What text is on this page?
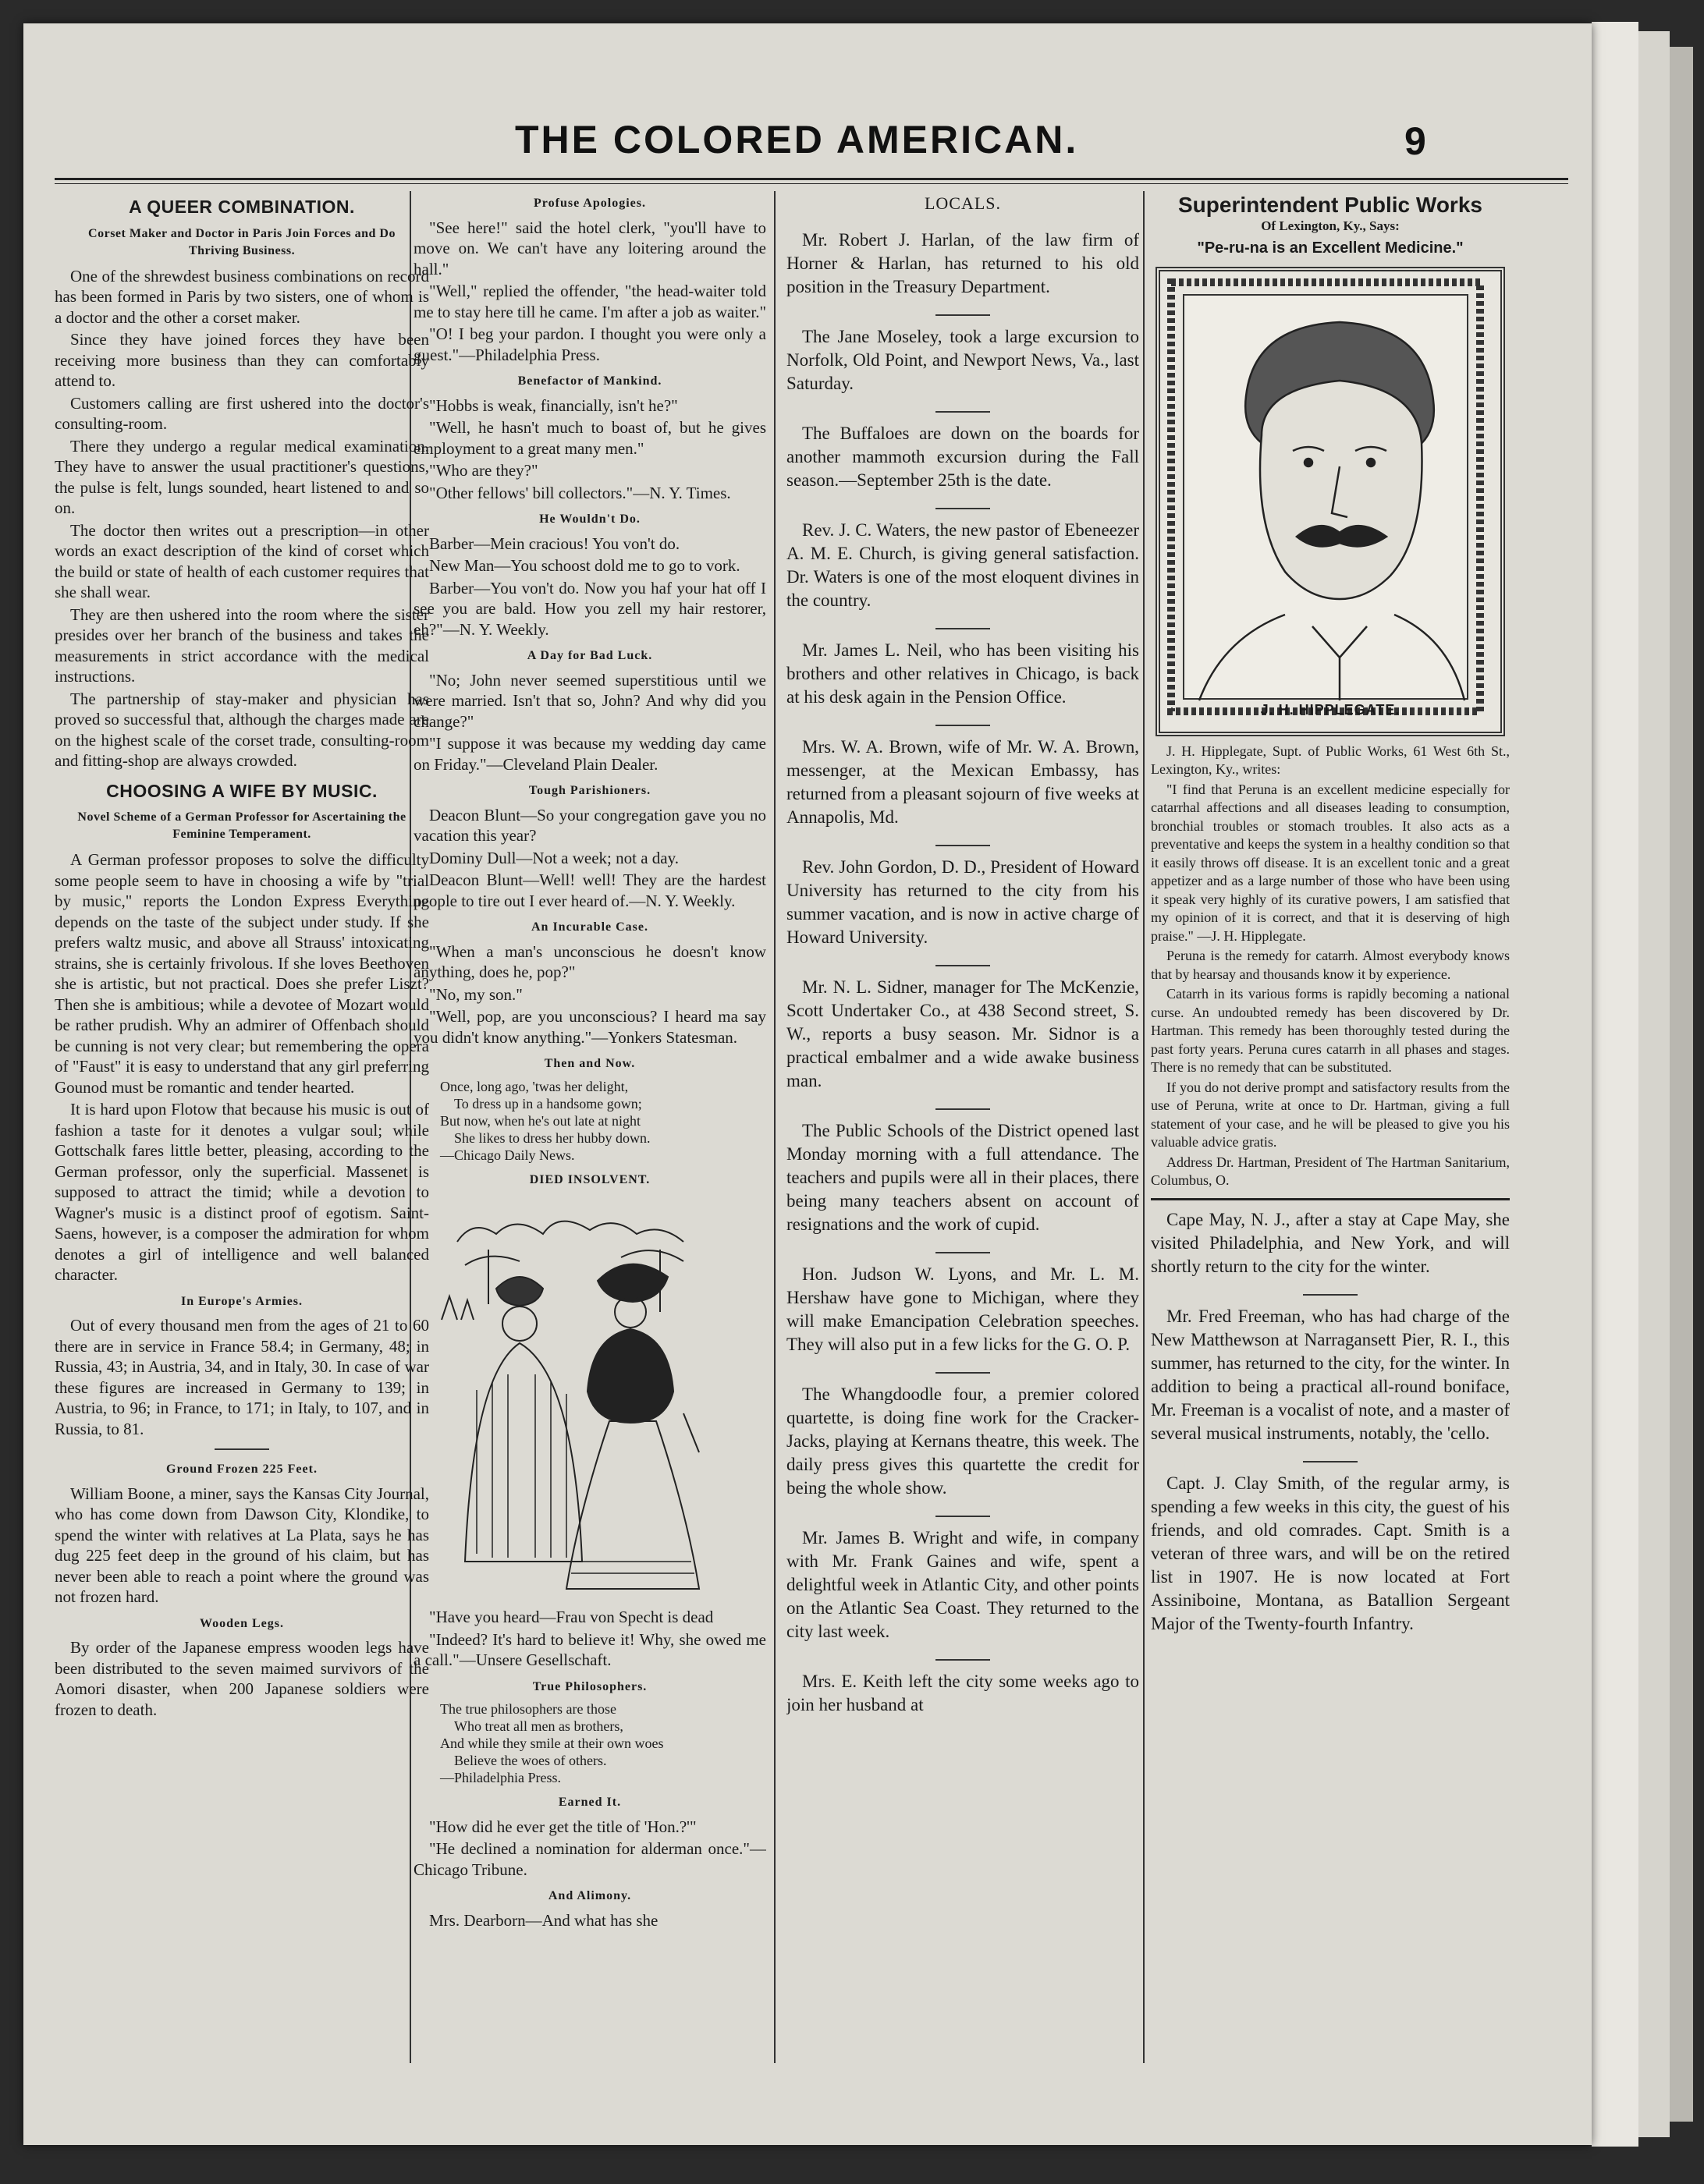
THE COLORED AMERICAN.	9
A QUEER COMBINATION.
Corset Maker and Doctor in Paris Join Forces and Do Thriving Business.

One of the shrewdest business combinations on record has been formed in Paris by two sisters, one of whom is a doctor and the other a corset maker.

Since they have joined forces they have been receiving more business than they can comfortably attend to.

Customers calling are first ushered into the doctor's consulting-room.

There they undergo a regular medical examination. They have to answer the usual practitioner's questions, the pulse is felt, lungs sounded, heart listened to and so on.

The doctor then writes out a prescription—in other words an exact description of the kind of corset which the build or state of health of each customer requires that she shall wear.

They are then ushered into the room where the sister presides over her branch of the business and takes the measurements in strict accordance with the medical instructions.

The partnership of stay-maker and physician has proved so successful that, although the charges made are on the highest scale of the corset trade, consulting-room and fitting-shop are always crowded.

CHOOSING A WIFE BY MUSIC.
Novel Scheme of a German Professor for Ascertaining the Feminine Temperament.

A German professor proposes to solve the difficulty some people seem to have in choosing a wife by "trial by music," reports the London Express Everything depends on the taste of the subject under study. If she prefers waltz music, and above all Strauss' intoxicating strains, she is certainly frivolous. If she loves Beethoven she is artistic, but not practical. Does she prefer Liszt? Then she is ambitious; while a devotee of Mozart would be rather prudish. Why an admirer of Offenbach should be cunning is not very clear; but remembering the opera of "Faust" it is easy to understand that any girl preferring Gounod must be romantic and tender hearted.

It is hard upon Flotow that because his music is out of fashion a taste for it denotes a vulgar soul; while Gottschalk fares little better, pleasing, according to the German professor, only the superficial. Massenet is supposed to attract the timid; while a devotion to Wagner's music is a distinct proof of egotism. Saint-Saens, however, is a composer the admiration for whom denotes a girl of intelligence and well balanced character.

In Europe's Armies.

Out of every thousand men from the ages of 21 to 60 there are in service in France 58.4; in Germany, 48; in Russia, 43; in Austria, 34, and in Italy, 30. In case of war these figures are increased in Germany to 139; in Austria, to 96; in France, to 171; in Italy, to 107, and in Russia, to 81.

Ground Frozen 225 Feet.

William Boone, a miner, says the Kansas City Journal, who has come down from Dawson City, Klondike, to spend the winter with relatives at La Plata, says he has dug 225 feet deep in the ground of his claim, but has never been able to reach a point where the ground was not frozen hard.

Wooden Legs.

By order of the Japanese empress wooden legs have been distributed to the seven maimed survivors of the Aomori disaster, when 200 Japanese soldiers were frozen to death.

Profuse Apologies.

"See here!" said the hotel clerk, "you'll have to move on. We can't have any loitering around the hall."

"Well," replied the offender, "the head-waiter told me to stay here till he came. I'm after a job as waiter."

"O! I beg your pardon. I thought you were only a guest."—Philadelphia Press.

Benefactor of Mankind.

"Hobbs is weak, financially, isn't he?"

"Well, he hasn't much to boast of, but he gives employment to a great many men."

"Who are they?"

"Other fellows' bill collectors."—N. Y. Times.

He Wouldn't Do.

Barber—Mein cracious! You von't do.

New Man—You schoost dold me to go to vork.

Barber—You von't do. Now you haf your hat off I see you are bald. How you zell my hair restorer, eh?"—N. Y. Weekly.

A Day for Bad Luck.

"No; John never seemed superstitious until we were married. Isn't that so, John? And why did you change?"

"I suppose it was because my wedding day came on Friday."—Cleveland Plain Dealer.

Tough Parishioners.

Deacon Blunt—So your congregation gave you no vacation this year?

Dominy Dull—Not a week; not a day.

Deacon Blunt—Well! well! They are the hardest people to tire out I ever heard of.—N. Y. Weekly.

An Incurable Case.

"When a man's unconscious he doesn't know anything, does he, pop?"

"No, my son."

"Well, pop, are you unconscious? I heard ma say you didn't know anything."—Yonkers Statesman.

Then and Now.
Once, long ago, 'twas her delight,
To dress up in a handsome gown;
But now, when he's out late at night
She likes to dress her hubby down.
—Chicago Daily News.
DIED INSOLVENT.

"Have you heard—Frau von Specht is dead

"Indeed? It's hard to believe it! Why, she owed me a call."—Unsere Gesellschaft.

True Philosophers.
The true philosophers are those
Who treat all men as brothers,
And while they smile at their own woes
Believe the woes of others.
—Philadelphia Press.
Earned It.

"How did he ever get the title of 'Hon.?'"

"He declined a nomination for alderman once."—Chicago Tribune.

And Alimony.

Mrs. Dearborn—And what has she

LOCALS.

Mr. Robert J. Harlan, of the law firm of Horner & Harlan, has returned to his old position in the Treasury Department.

The Jane Moseley, took a large excursion to Norfolk, Old Point, and Newport News, Va., last Saturday.

The Buffaloes are down on the boards for another mammoth excursion during the Fall season.—September 25th is the date.

Rev. J. C. Waters, the new pastor of Ebeneezer A. M. E. Church, is giving general satisfaction. Dr. Waters is one of the most eloquent divines in the country.

Mr. James L. Neil, who has been visiting his brothers and other relatives in Chicago, is back at his desk again in the Pension Office.

Mrs. W. A. Brown, wife of Mr. W. A. Brown, messenger, at the Mexican Embassy, has returned from a pleasant sojourn of five weeks at Annapolis, Md.

Rev. John Gordon, D. D., President of Howard University has returned to the city from his summer vacation, and is now in active charge of Howard University.

Mr. N. L. Sidner, manager for The McKenzie, Scott Undertaker Co., at 438 Second street, S. W., reports a busy season. Mr. Sidnor is a practical embalmer and a wide awake business man.

The Public Schools of the District opened last Monday morning with a full attendance. The teachers and pupils were all in their places, there being many teachers absent on account of resignations and the work of cupid.

Hon. Judson W. Lyons, and Mr. L. M. Hershaw have gone to Michigan, where they will make Emancipation Celebration speeches. They will also put in a few licks for the G. O. P.

The Whangdoodle four, a premier colored quartette, is doing fine work for the Cracker-Jacks, playing at Kernans theatre, this week. The daily press gives this quartette the credit for being the whole show.

Mr. James B. Wright and wife, in company with Mr. Frank Gaines and wife, spent a delightful week in Atlantic City, and other points on the Atlantic Sea Coast. They returned to the city last week.

Mrs. E. Keith left the city some weeks ago to join her husband at

Superintendent Public Works
Of Lexington, Ky., Says:
"Pe-ru-na is an Excellent Medicine."
J. H. HIPPLEGATE.

J. H. Hipplegate, Supt. of Public Works, 61 West 6th St., Lexington, Ky., writes:

"I find that Peruna is an excellent medicine especially for catarrhal affections and all diseases leading to consumption, bronchial troubles or stomach troubles. It also acts as a preventative and keeps the system in a healthy condition so that it easily throws off disease. It is an excellent tonic and a great appetizer and as a large number of those who have been using it speak very highly of its curative powers, I am satisfied that my opinion of it is correct, and that it is deserving of high praise." —J. H. Hipplegate.

Peruna is the remedy for catarrh. Almost everybody knows that by hearsay and thousands know it by experience.

Catarrh in its various forms is rapidly becoming a national curse. An undoubted remedy has been discovered by Dr. Hartman. This remedy has been thoroughly tested during the past forty years. Peruna cures catarrh in all phases and stages. There is no remedy that can be substituted.

If you do not derive prompt and satisfactory results from the use of Peruna, write at once to Dr. Hartman, giving a full statement of your case, and he will be pleased to give you his valuable advice gratis.

Address Dr. Hartman, President of The Hartman Sanitarium, Columbus, O.

Cape May, N. J., after a stay at Cape May, she visited Philadelphia, and New York, and will shortly return to the city for the winter.

Mr. Fred Freeman, who has had charge of the New Matthewson at Narragansett Pier, R. I., this summer, has returned to the city, for the winter. In addition to being a practical all-round boniface, Mr. Freeman is a vocalist of note, and a master of several musical instruments, notably, the 'cello.

Capt. J. Clay Smith, of the regular army, is spending a few weeks in this city, the guest of his friends, and old comrades. Capt. Smith is a veteran of three wars, and will be on the retired list in 1907. He is now located at Fort Assiniboine, Montana, as Batallion Sergeant Major of the Twenty-fourth Infantry.
